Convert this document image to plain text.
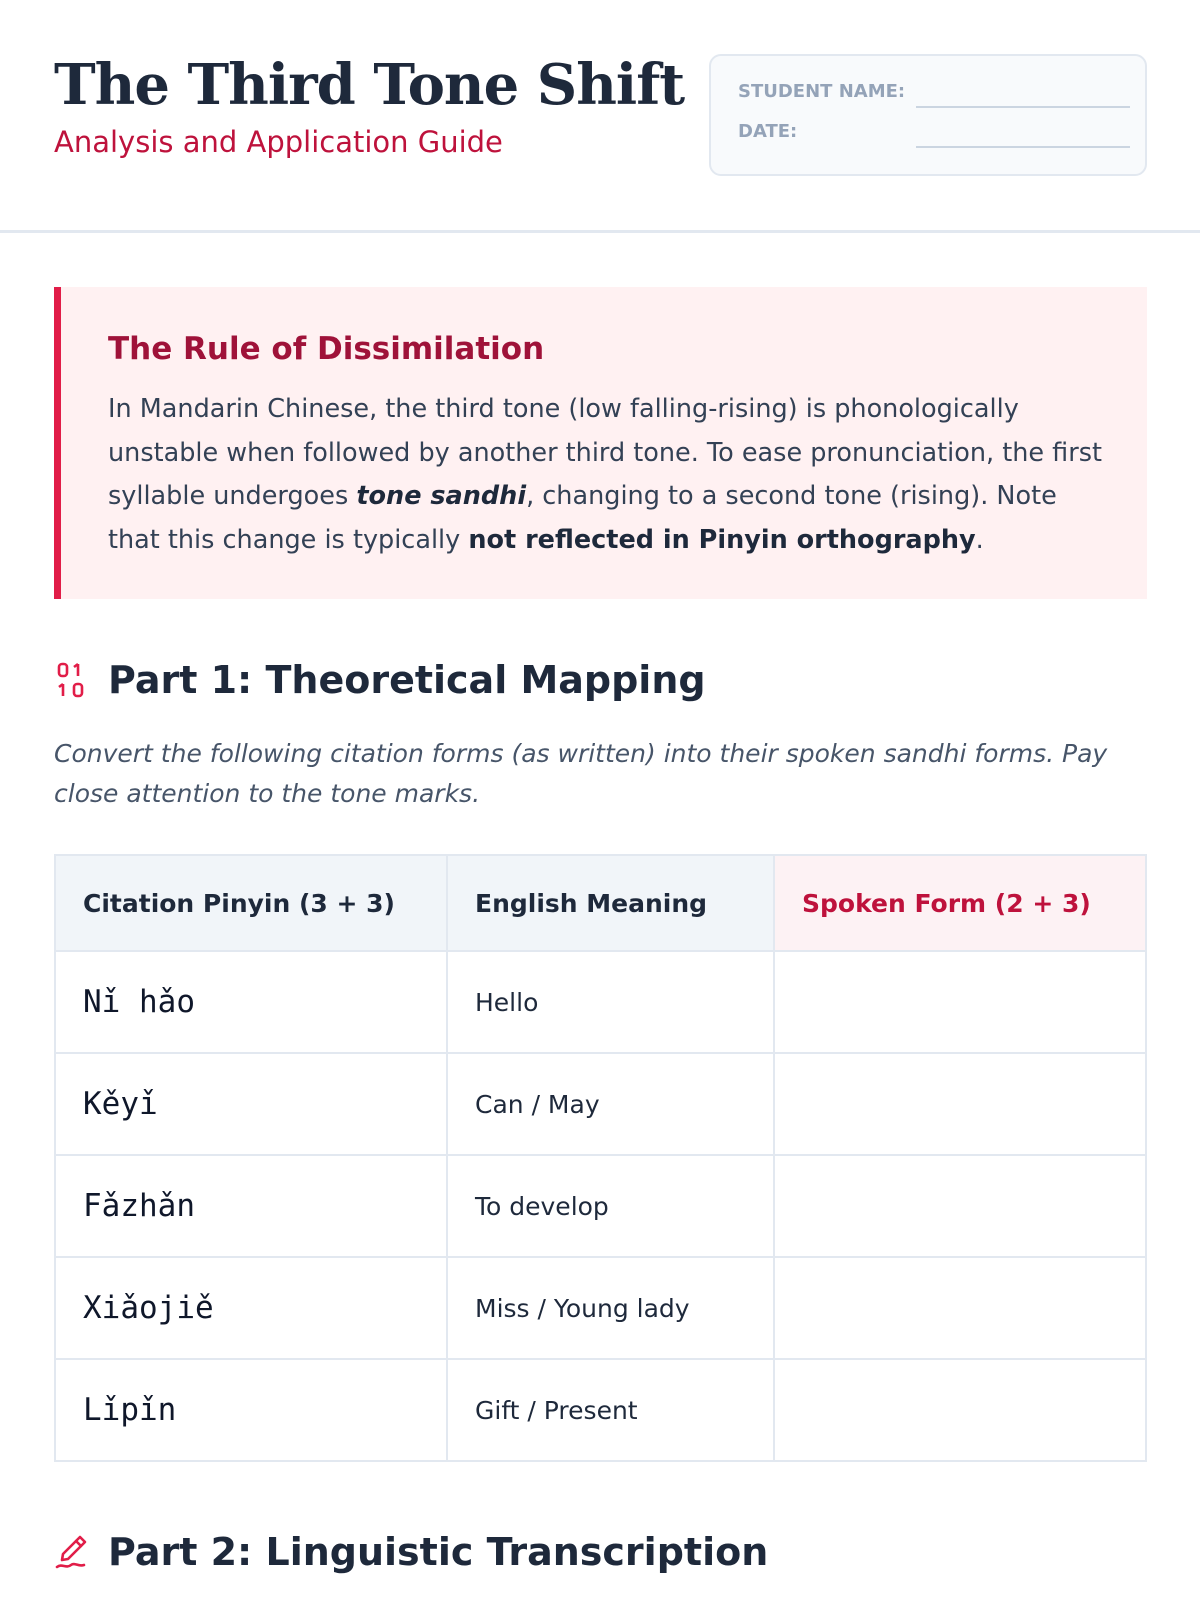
The Third Tone Shift
Analysis and Application Guide
STUDENT NAME:
DATE:
The Rule of Dissimilation
In Mandarin Chinese, the third tone (low falling-rising) is phonologically unstable when followed by another third tone. To ease pronunciation, the first syllable undergoes tone sandhi, changing to a second tone (rising). Note that this change is typically not reflected in Pinyin orthography.
Part 1: Theoretical Mapping
Convert the following citation forms (as written) into their spoken sandhi forms. Pay close attention to the tone marks.
Citation Pinyin (3 + 3)	English Meaning	Spoken Form (2 + 3)
Nǐ hǎo	Hello	
Kěyǐ	Can / May	
Fǎzhǎn	To develop	
Xiǎojiě	Miss / Young lady	
Lǐpǐn	Gift / Present	
Part 2: Linguistic Transcription
